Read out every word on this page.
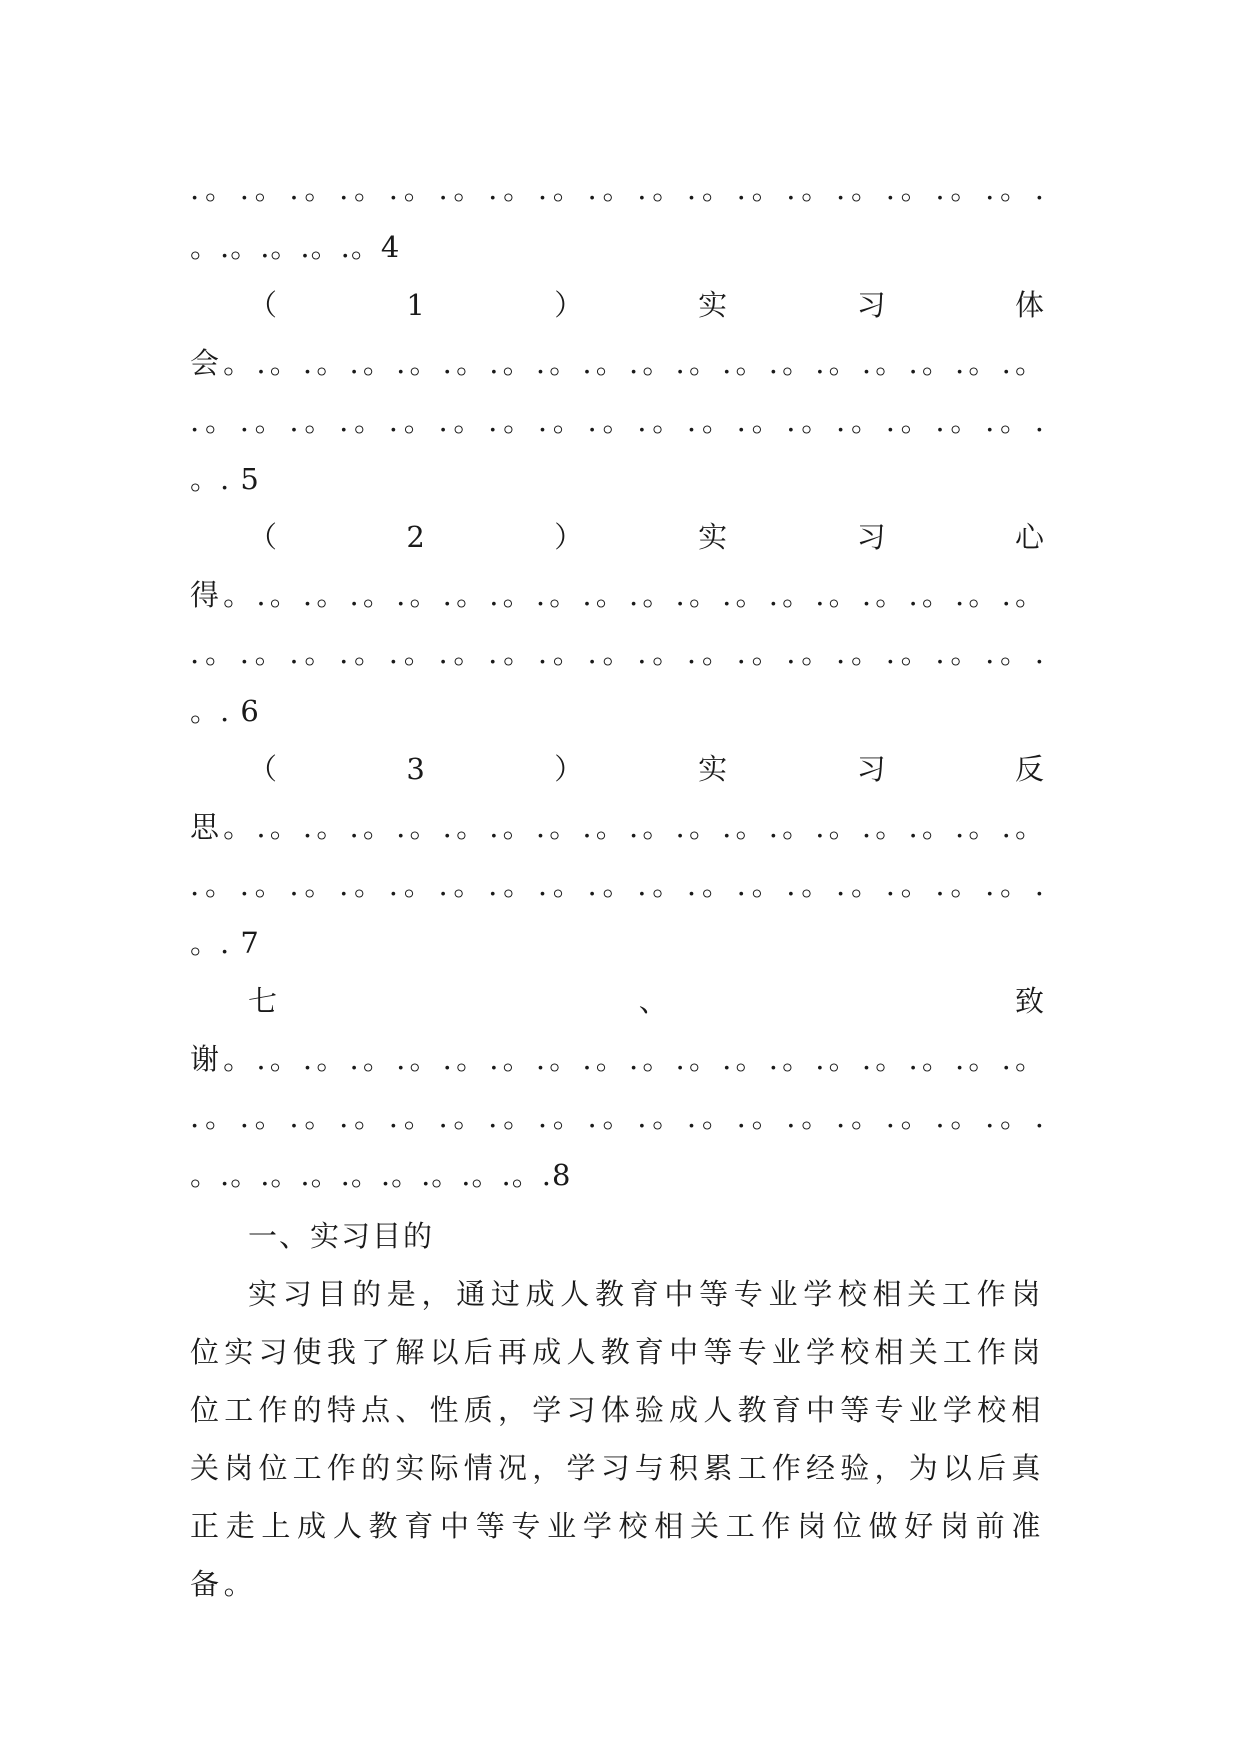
.。.。.。.。.。.。.。.。.。.。.。.。.。.。.。.。.。.
。.。.。.。.。4
（　1　）　实　习　体
会。.。.。.。.。.。.。.。.。.。.。.。.。.。.。.。.。.。
.。.。.。.。.。.。.。.。.。.。.。.。.。.。.。.。.。.
。. 5
（　2　）　实　习　心
得。.。.。.。.。.。.。.。.。.。.。.。.。.。.。.。.。.。
.。.。.。.。.。.。.。.。.。.。.。.。.。.。.。.。.。.
。. 6
（　3　）　实　习　反
思。.。.。.。.。.。.。.。.。.。.。.。.。.。.。.。.。.。
.。.。.。.。.。.。.。.。.。.。.。.。.。.。.。.。.。.
。. 7
七　、　致
谢。.。.。.。.。.。.。.。.。.。.。.。.。.。.。.。.。.。
.。.。.。.。.。.。.。.。.。.。.。.。.。.。.。.。.。.
。.。.。.。.。.。.。.。.。.8
一、实习目的

实习目的是，通过成人教育中等专业学校相关工作岗位实习使我了解以后再成人教育中等专业学校相关工作岗位工作的特点、性质，学习体验成人教育中等专业学校相关岗位工作的实际情况，学习与积累工作经验，为以后真正走上成人教育中等专业学校相关工作岗位做好岗前准备。
